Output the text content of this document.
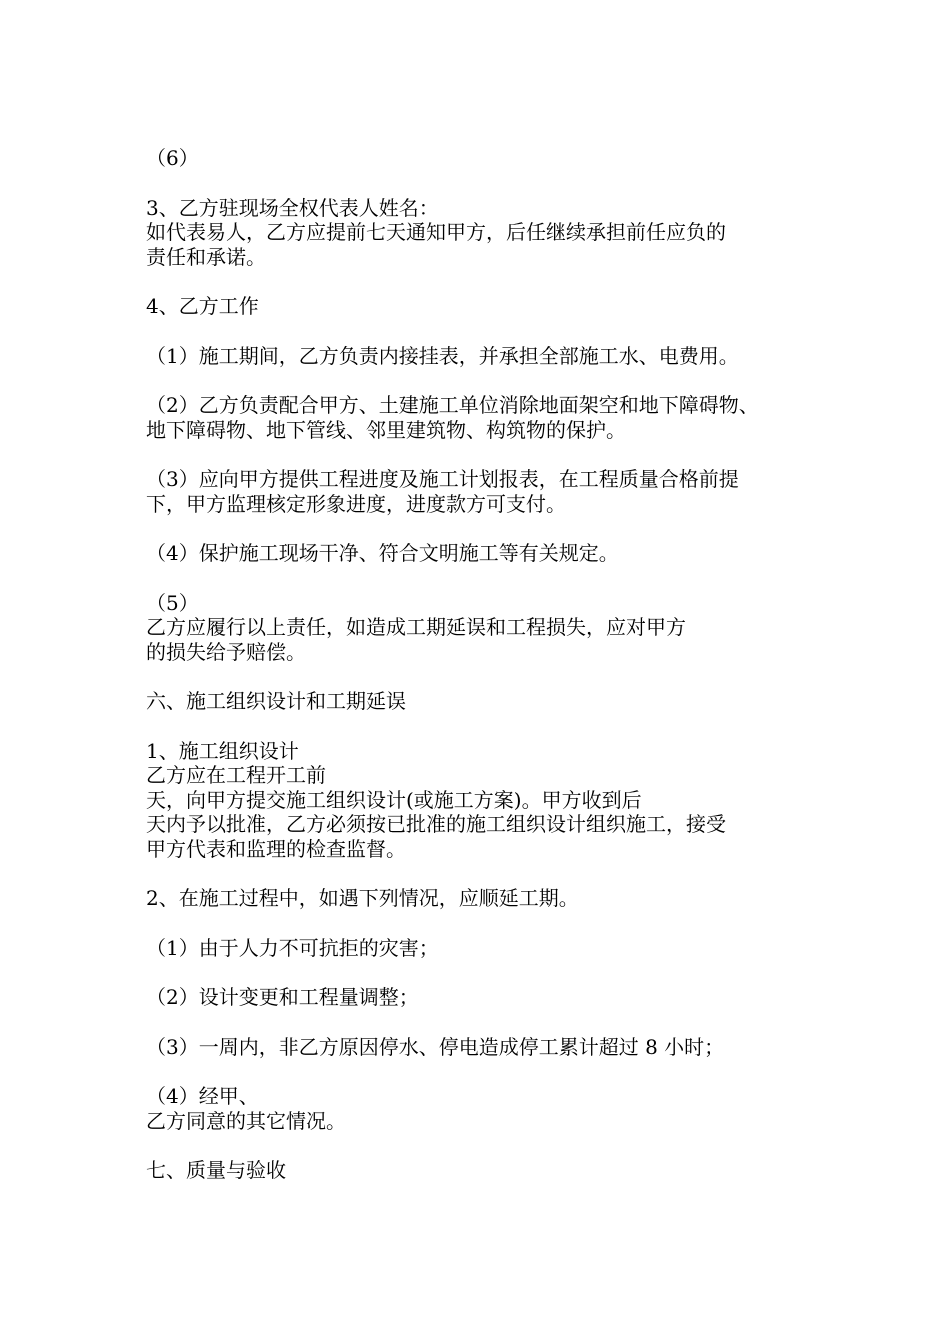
（6）

3、乙方驻现场全权代表人姓名：
如代表易人，乙方应提前七天通知甲方，后任继续承担前任应负的
责任和承诺。

4、乙方工作

（1）施工期间，乙方负责内接挂表，并承担全部施工水、电费用。

（2）乙方负责配合甲方、土建施工单位消除地面架空和地下障碍物、
地下障碍物、地下管线、邻里建筑物、构筑物的保护。

（3）应向甲方提供工程进度及施工计划报表，在工程质量合格前提
下，甲方监理核定形象进度，进度款方可支付。

（4）保护施工现场干净、符合文明施工等有关规定。

（5）
乙方应履行以上责任，如造成工期延误和工程损失，应对甲方
的损失给予赔偿。

六、施工组织设计和工期延误

1、施工组织设计
乙方应在工程开工前
天，向甲方提交施工组织设计(或施工方案)。甲方收到后
天内予以批准，乙方必须按已批准的施工组织设计组织施工，接受
甲方代表和监理的检查监督。

2、在施工过程中，如遇下列情况，应顺延工期。

（1）由于人力不可抗拒的灾害；

（2）设计变更和工程量调整；

（3）一周内，非乙方原因停水、停电造成停工累计超过 8 小时；

（4）经甲、
乙方同意的其它情况。

七、质量与验收
